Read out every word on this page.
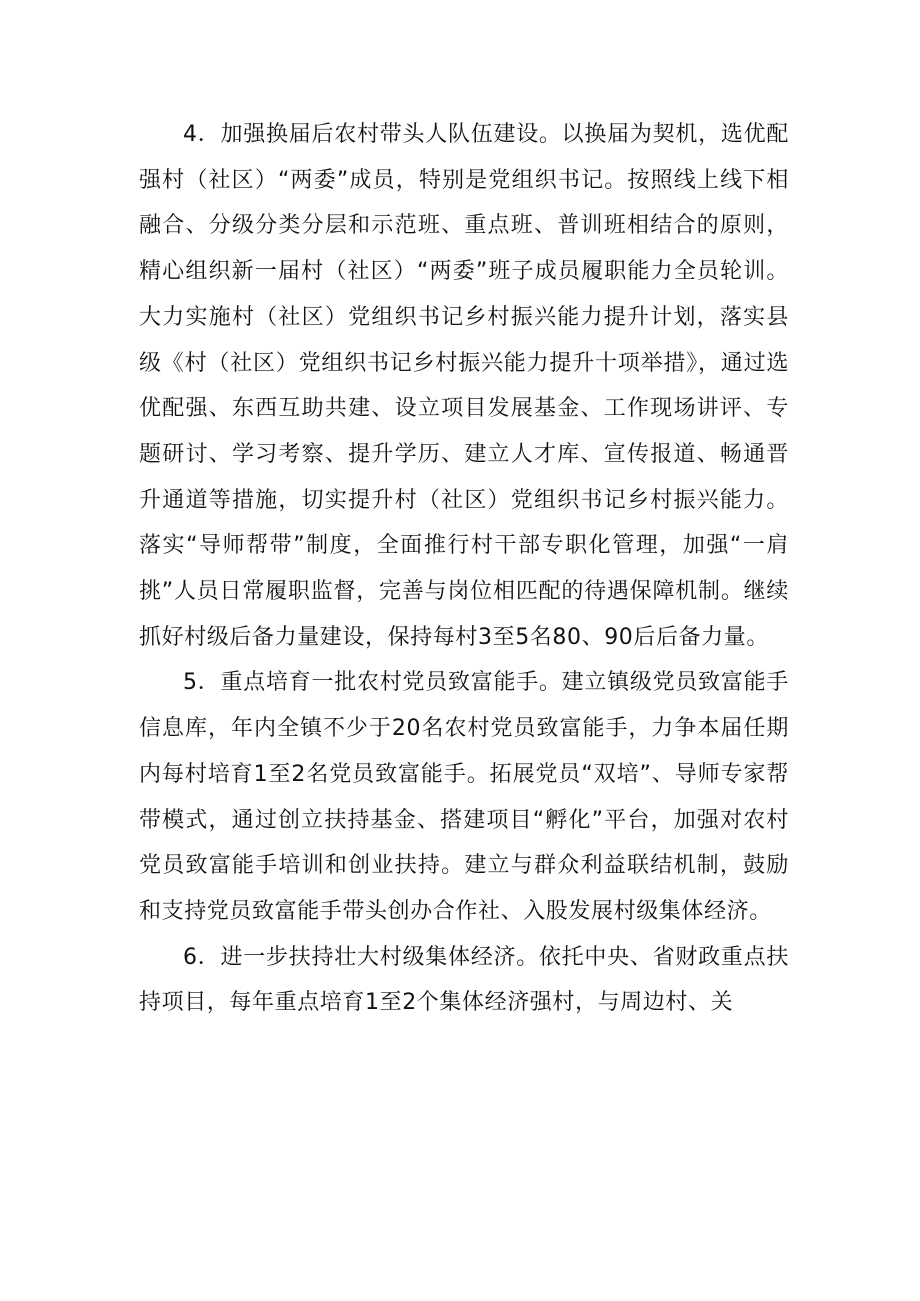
4．加强换届后农村带头人队伍建设。以换届为契机，选优配强村（社区）“两委”成员，特别是党组织书记。按照线上线下相融合、分级分类分层和示范班、重点班、普训班相结合的原则，精心组织新一届村（社区）“两委”班子成员履职能力全员轮训。大力实施村（社区）党组织书记乡村振兴能力提升计划，落实县级《村（社区）党组织书记乡村振兴能力提升十项举措》，通过选优配强、东西互助共建、设立项目发展基金、工作现场讲评、专题研讨、学习考察、提升学历、建立人才库、宣传报道、畅通晋升通道等措施，切实提升村（社区）党组织书记乡村振兴能力。落实“导师帮带”制度，全面推行村干部专职化管理，加强“一肩挑”人员日常履职监督，完善与岗位相匹配的待遇保障机制。继续抓好村级后备力量建设，保持每村3至5名80、90后后备力量。

5．重点培育一批农村党员致富能手。建立镇级党员致富能手信息库，年内全镇不少于20名农村党员致富能手，力争本届任期内每村培育1至2名党员致富能手。拓展党员“双培”、导师专家帮带模式，通过创立扶持基金、搭建项目“孵化”平台，加强对农村党员致富能手培训和创业扶持。建立与群众利益联结机制，鼓励和支持党员致富能手带头创办合作社、入股发展村级集体经济。

6．进一步扶持壮大村级集体经济。依托中央、省财政重点扶持项目，每年重点培育1至2个集体经济强村，与周边村、关
